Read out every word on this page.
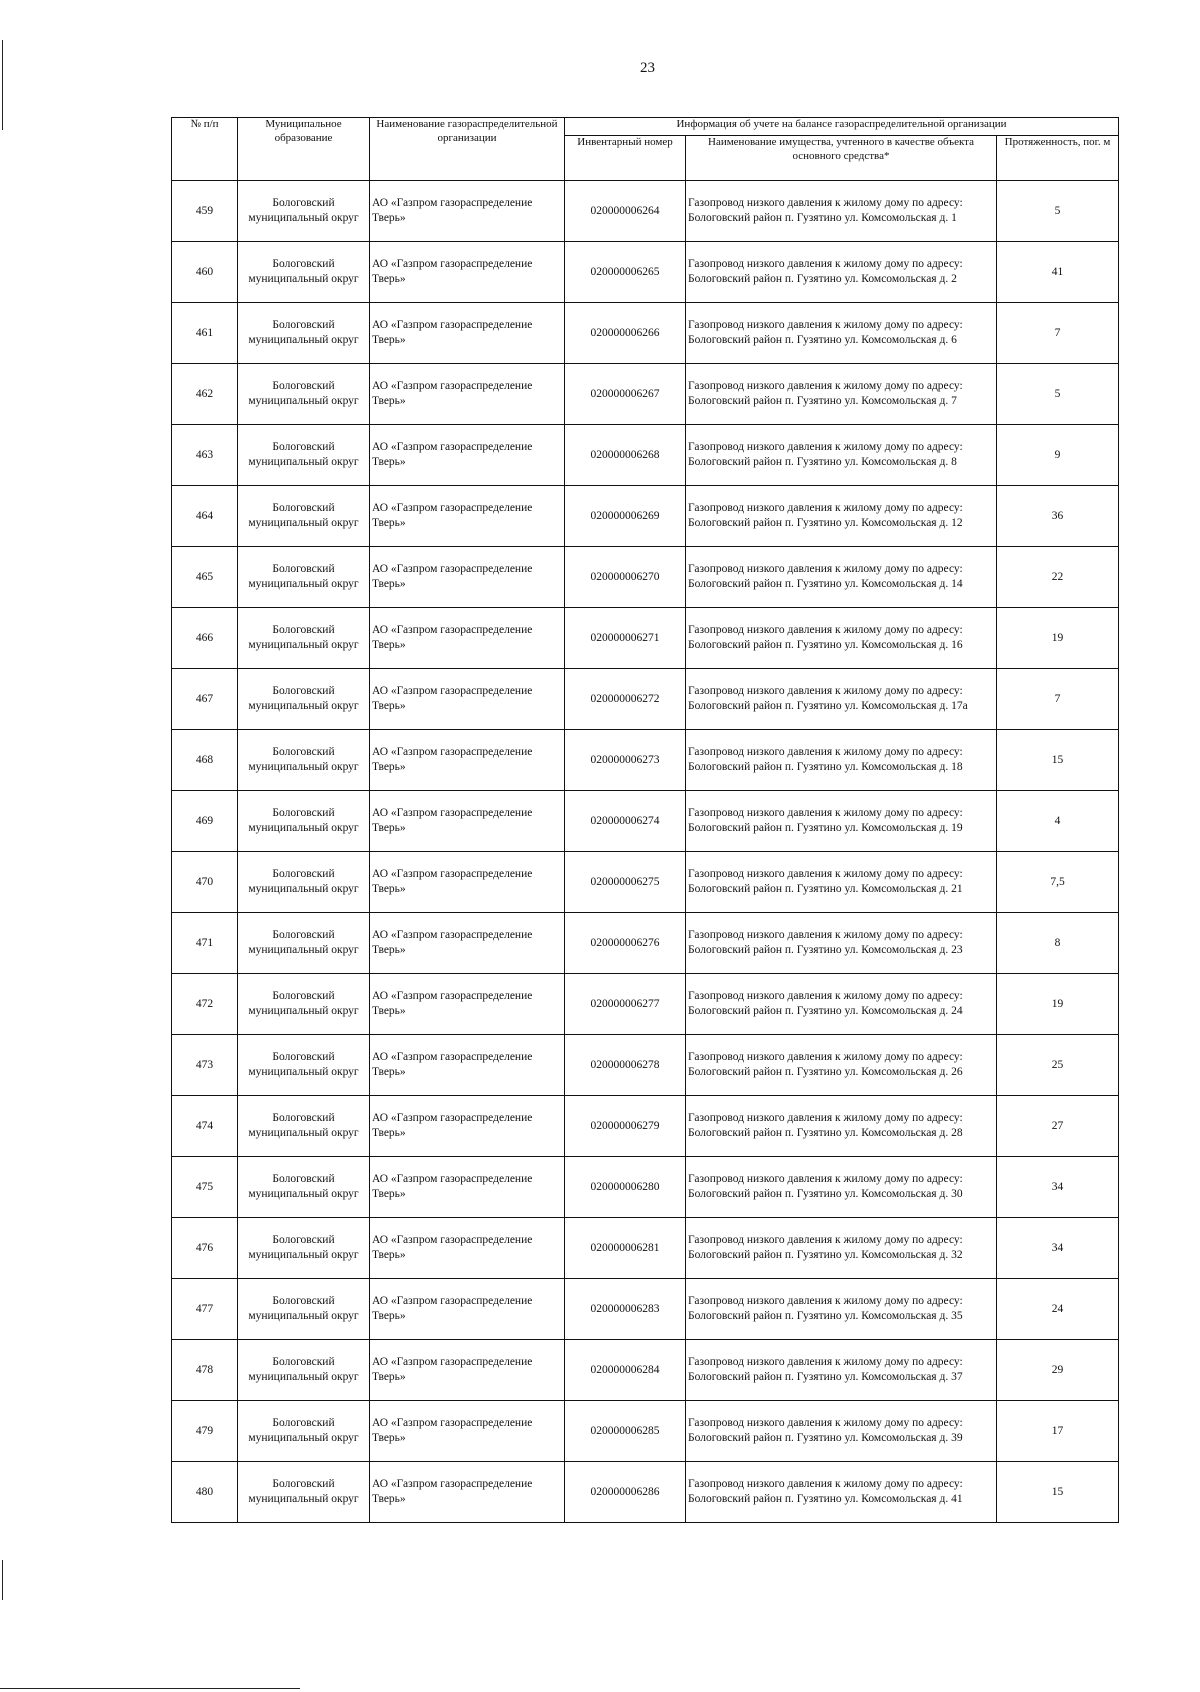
23
№ п/п	Муниципальное образование	Наименование газораспределительной организации	Информация об учете на балансе газораспределительной организации		
			Инвентарный номер	Наименование имущества, учтенного в качестве объекта основного средства*	Протяженность, пог. м
459	Бологовский муниципальный округ	АО «Газпром газораспределение Тверь»	020000006264	Газопровод низкого давления к жилому дому по адресу: Бологовский район п. Гузятино ул. Комсомольская д. 1	5
460	Бологовский муниципальный округ	АО «Газпром газораспределение Тверь»	020000006265	Газопровод низкого давления к жилому дому по адресу: Бологовский район п. Гузятино ул. Комсомольская д. 2	41
461	Бологовский муниципальный округ	АО «Газпром газораспределение Тверь»	020000006266	Газопровод низкого давления к жилому дому по адресу: Бологовский район п. Гузятино ул. Комсомольская д. 6	7
462	Бологовский муниципальный округ	АО «Газпром газораспределение Тверь»	020000006267	Газопровод низкого давления к жилому дому по адресу: Бологовский район п. Гузятино ул. Комсомольская д. 7	5
463	Бологовский муниципальный округ	АО «Газпром газораспределение Тверь»	020000006268	Газопровод низкого давления к жилому дому по адресу: Бологовский район п. Гузятино ул. Комсомольская д. 8	9
464	Бологовский муниципальный округ	АО «Газпром газораспределение Тверь»	020000006269	Газопровод низкого давления к жилому дому по адресу: Бологовский район п. Гузятино ул. Комсомольская д. 12	36
465	Бологовский муниципальный округ	АО «Газпром газораспределение Тверь»	020000006270	Газопровод низкого давления к жилому дому по адресу: Бологовский район п. Гузятино ул. Комсомольская д. 14	22
466	Бологовский муниципальный округ	АО «Газпром газораспределение Тверь»	020000006271	Газопровод низкого давления к жилому дому по адресу: Бологовский район п. Гузятино ул. Комсомольская д. 16	19
467	Бологовский муниципальный округ	АО «Газпром газораспределение Тверь»	020000006272	Газопровод низкого давления к жилому дому по адресу: Бологовский район п. Гузятино ул. Комсомольская д. 17а	7
468	Бологовский муниципальный округ	АО «Газпром газораспределение Тверь»	020000006273	Газопровод низкого давления к жилому дому по адресу: Бологовский район п. Гузятино ул. Комсомольская д. 18	15
469	Бологовский муниципальный округ	АО «Газпром газораспределение Тверь»	020000006274	Газопровод низкого давления к жилому дому по адресу: Бологовский район п. Гузятино ул. Комсомольская д. 19	4
470	Бологовский муниципальный округ	АО «Газпром газораспределение Тверь»	020000006275	Газопровод низкого давления к жилому дому по адресу: Бологовский район п. Гузятино ул. Комсомольская д. 21	7,5
471	Бологовский муниципальный округ	АО «Газпром газораспределение Тверь»	020000006276	Газопровод низкого давления к жилому дому по адресу: Бологовский район п. Гузятино ул. Комсомольская д. 23	8
472	Бологовский муниципальный округ	АО «Газпром газораспределение Тверь»	020000006277	Газопровод низкого давления к жилому дому по адресу: Бологовский район п. Гузятино ул. Комсомольская д. 24	19
473	Бологовский муниципальный округ	АО «Газпром газораспределение Тверь»	020000006278	Газопровод низкого давления к жилому дому по адресу: Бологовский район п. Гузятино ул. Комсомольская д. 26	25
474	Бологовский муниципальный округ	АО «Газпром газораспределение Тверь»	020000006279	Газопровод низкого давления к жилому дому по адресу: Бологовский район п. Гузятино ул. Комсомольская д. 28	27
475	Бологовский муниципальный округ	АО «Газпром газораспределение Тверь»	020000006280	Газопровод низкого давления к жилому дому по адресу: Бологовский район п. Гузятино ул. Комсомольская д. 30	34
476	Бологовский муниципальный округ	АО «Газпром газораспределение Тверь»	020000006281	Газопровод низкого давления к жилому дому по адресу: Бологовский район п. Гузятино ул. Комсомольская д. 32	34
477	Бологовский муниципальный округ	АО «Газпром газораспределение Тверь»	020000006283	Газопровод низкого давления к жилому дому по адресу: Бологовский район п. Гузятино ул. Комсомольская д. 35	24
478	Бологовский муниципальный округ	АО «Газпром газораспределение Тверь»	020000006284	Газопровод низкого давления к жилому дому по адресу: Бологовский район п. Гузятино ул. Комсомольская д. 37	29
479	Бологовский муниципальный округ	АО «Газпром газораспределение Тверь»	020000006285	Газопровод низкого давления к жилому дому по адресу: Бологовский район п. Гузятино ул. Комсомольская д. 39	17
480	Бологовский муниципальный округ	АО «Газпром газораспределение Тверь»	020000006286	Газопровод низкого давления к жилому дому по адресу: Бологовский район п. Гузятино ул. Комсомольская д. 41	15
